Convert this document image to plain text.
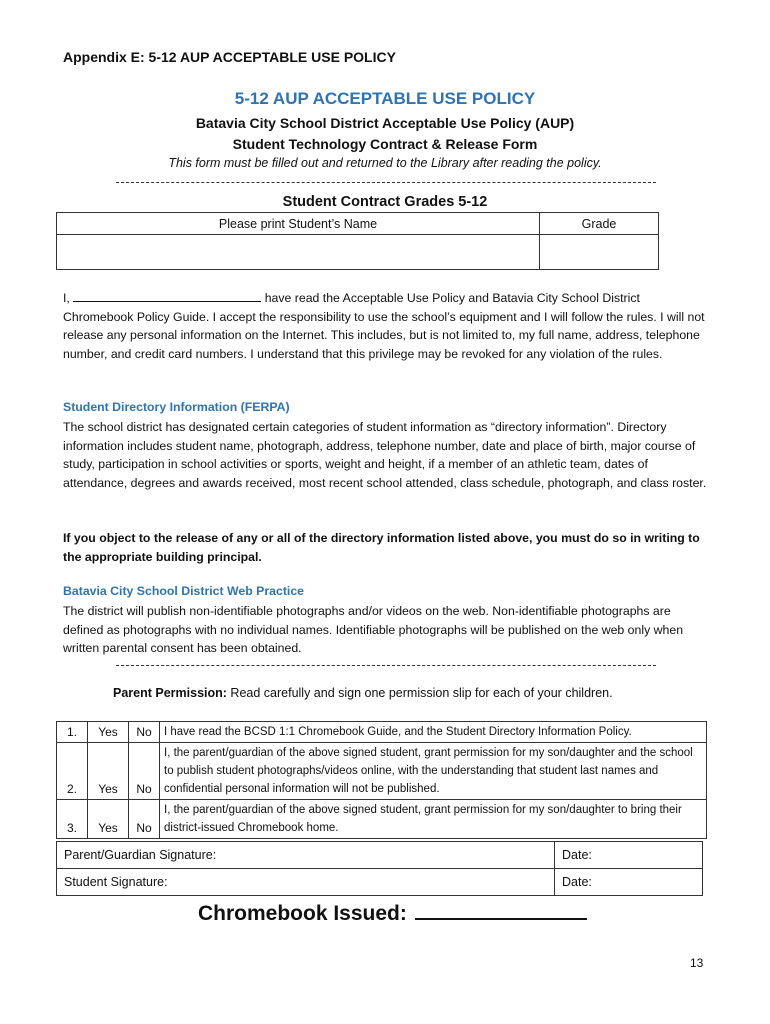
Appendix E: 5-12 AUP ACCEPTABLE USE POLICY
5-12 AUP ACCEPTABLE USE POLICY
Batavia City School District Acceptable Use Policy (AUP)
Student Technology Contract & Release Form
This form must be filled out and returned to the Library after reading the policy.
Student Contract Grades 5-12
Please print Student’s Name	Grade

I,	have read the Acceptable Use Policy and Batavia City School District Chromebook Policy Guide. I accept the responsibility to use the school’s equipment and I will follow the rules. I will not release any personal information on the Internet. This includes, but is not limited to, my full name, address, telephone number, and credit card numbers. I understand that this privilege may be revoked for any violation of the rules.
Student Directory Information (FERPA)
The school district has designated certain categories of student information as “directory information”. Directory information includes student name, photograph, address, telephone number, date and place of birth, major course of study, participation in school activities or sports, weight and height, if a member of an athletic team, dates of attendance, degrees and awards received, most recent school attended, class schedule, photograph, and class roster.
If you object to the release of any or all of the directory information listed above, you must do so in writing to the appropriate building principal.
Batavia City School District Web Practice
The district will publish non-identifiable photographs and/or videos on the web. Non-identifiable photographs are defined as photographs with no individual names. Identifiable photographs will be published on the web only when written parental consent has been obtained.
Parent Permission: Read carefully and sign one permission slip for each of your children.
1.	Yes	No	I have read the BCSD 1:1 Chromebook Guide, and the Student Directory Information Policy.
2.	Yes	No	I, the parent/guardian of the above signed student, grant permission for my son/daughter and the school to publish student photographs/videos online, with the understanding that student last names and confidential personal information will not be published.
3.	Yes	No	I, the parent/guardian of the above signed student, grant permission for my son/daughter to bring their district-issued Chromebook home.
Parent/Guardian Signature:	Date:
Student Signature:	Date:
Chromebook Issued:
13
